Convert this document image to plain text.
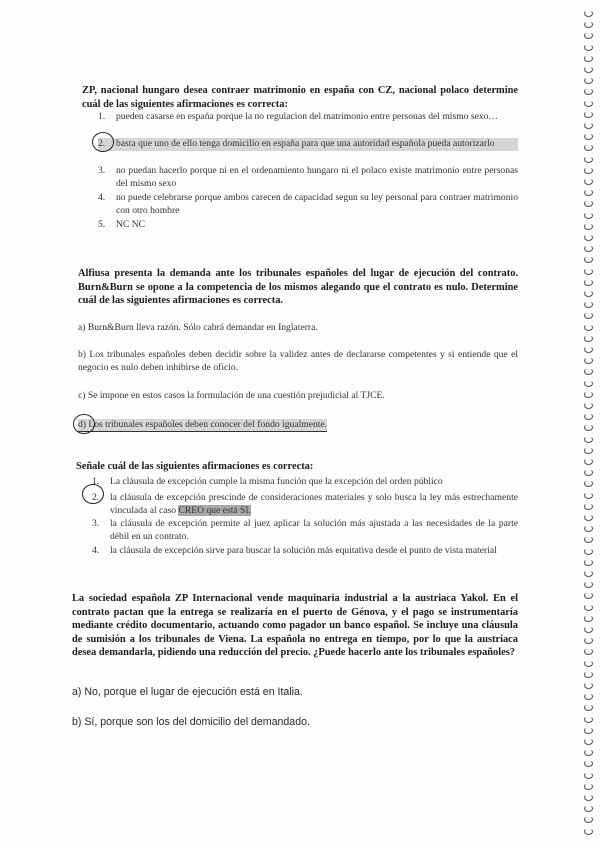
ZP, nacional hungaro desea contraer matrimonio en españa con CZ, nacional polaco determine cuál de las siguientes afirmaciones es correcta:
1.	pueden casarse en españa porque la no regulacion del matrimonio entre personas del mismo sexo…
2.	basta que uno de ello tenga domicilio en españa para que una autoridad española pueda autorizarlo
3.	no puedan hacerlo porque ni en el ordenamiento hungaro ni el polaco existe matrimonio entre personas del mismo sexo
4.	no puede celebrarse porque ambos carecen de capacidad segun su ley personal para contraer matrimonio con otro hombre
5.	NC NC
Alfiusa presenta la demanda ante los tribunales españoles del lugar de ejecución del contrato. Burn&Burn se opone a la competencia de los mismos alegando que el contrato es nulo. Determine cuál de las siguientes afirmaciones es correcta.
a) Burn&Burn lleva razón. Sólo cabrá demandar en Inglaterra.
b) Los tribunales españoles deben decidir sobre la validez antes de declararse competentes y si entiende que el negocio es nulo deben inhibirse de oficio.
c) Se impone en estos casos la formulación de una cuestión prejudicial al TJCE.
d) Los tribunales españoles deben conocer del fondo igualmente.
Señale cuál de las siguientes afirmaciones es correcta:
1.	La cláusula de excepción cumple la misma función que la excepción del orden público
2.	la cláusula de excepción prescinde de consideraciones materiales y solo busca la ley más estrechamente vinculada al caso CREO que está SI.
3.	la cláusula de excepción permite al juez aplicar la solución más ajustada a las necesidades de la parte débil en un contrato.
4.	la cláusula de excepción sirve para buscar la solución más equitativa desde el punto de vista material
La sociedad española ZP Internacional vende maquinaria industrial a la austriaca Yakol. En el contrato pactan que la entrega se realizaría en el puerto de Génova, y el pago se instrumentaría mediante crédito documentario, actuando como pagador un banco español. Se incluye una cláusula de sumisión a los tribunales de Viena. La española no entrega en tiempo, por lo que la austriaca desea demandarla, pidiendo una reducción del precio. ¿Puede hacerlo ante los tribunales españoles?
a) No, porque el lugar de ejecución está en Italia.
b) Sí, porque son los del domicilio del demandado.
